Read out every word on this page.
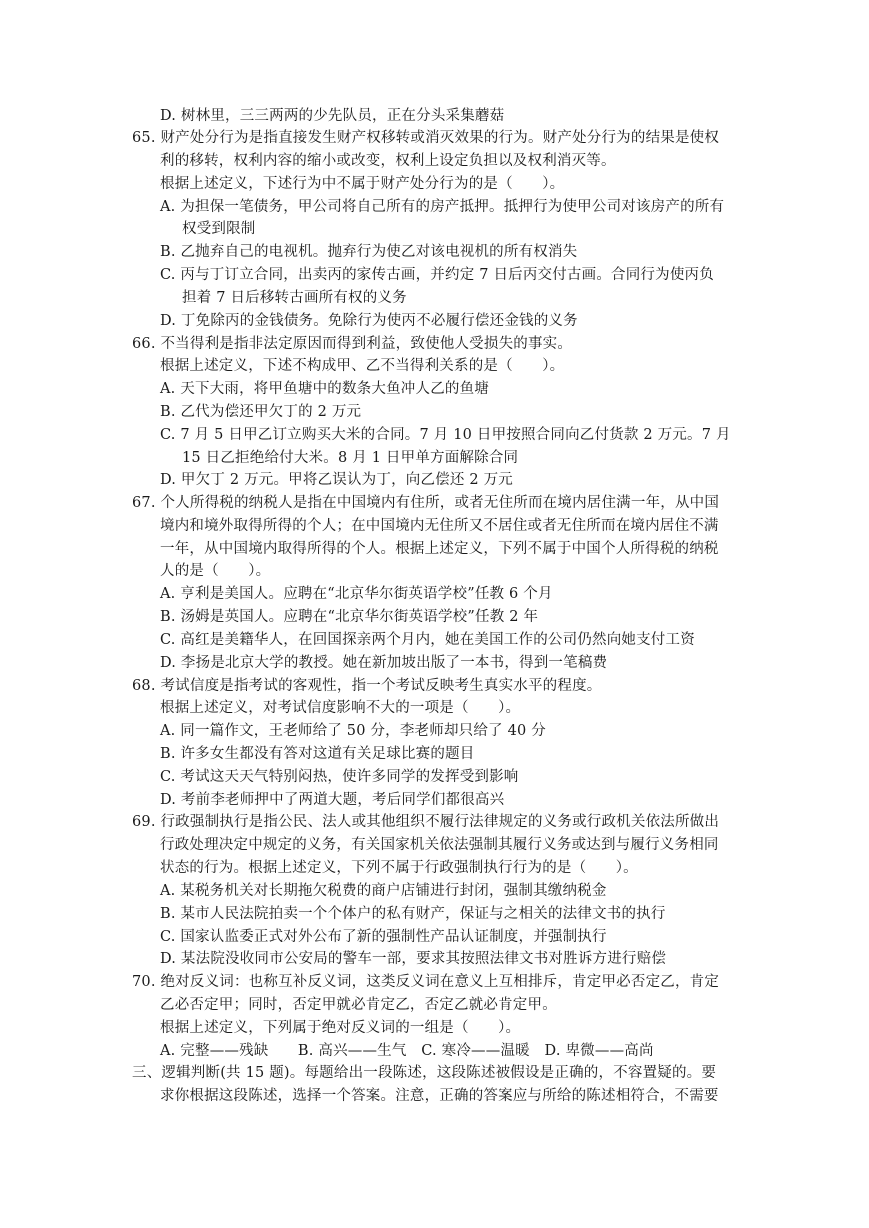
D. 树林里，三三两两的少先队员，正在分头采集蘑菇
65. 财产处分行为是指直接发生财产权移转或消灭效果的行为。财产处分行为的结果是使权
利的移转，权利内容的缩小或改变，权利上设定负担以及权利消灭等。
根据上述定义，下述行为中不属于财产处分行为的是（　　）。
A. 为担保一笔债务，甲公司将自己所有的房产抵押。抵押行为使甲公司对该房产的所有
权受到限制
B. 乙抛弃自己的电视机。抛弃行为使乙对该电视机的所有权消失
C. 丙与丁订立合同，出卖丙的家传古画，并约定 7 日后丙交付古画。合同行为使丙负
担着 7 日后移转古画所有权的义务
D. 丁免除丙的金钱债务。免除行为使丙不必履行偿还金钱的义务
66. 不当得利是指非法定原因而得到利益，致使他人受损失的事实。
根据上述定义，下述不构成甲、乙不当得利关系的是（　　）。
A. 天下大雨，将甲鱼塘中的数条大鱼冲人乙的鱼塘
B. 乙代为偿还甲欠丁的 2 万元
C. 7 月 5 日甲乙订立购买大米的合同。7 月 10 日甲按照合同向乙付货款 2 万元。7 月
15 日乙拒绝给付大米。8 月 1 日甲单方面解除合同
D. 甲欠丁 2 万元。甲将乙误认为丁，向乙偿还 2 万元
67. 个人所得税的纳税人是指在中国境内有住所，或者无住所而在境内居住满一年，从中国
境内和境外取得所得的个人；在中国境内无住所又不居住或者无住所而在境内居住不满
一年，从中国境内取得所得的个人。根据上述定义，下列不属于中国个人所得税的纳税
人的是（　　）。
A. 亨利是美国人。应聘在“北京华尔街英语学校”任教 6 个月
B. 汤姆是英国人。应聘在“北京华尔街英语学校”任教 2 年
C. 高红是美籍华人，在回国探亲两个月内，她在美国工作的公司仍然向她支付工资
D. 李扬是北京大学的教授。她在新加坡出版了一本书，得到一笔稿费
68. 考试信度是指考试的客观性，指一个考试反映考生真实水平的程度。
根据上述定义，对考试信度影响不大的一项是（　　）。
A. 同一篇作文，王老师给了 50 分，李老师却只给了 40 分
B. 许多女生都没有答对这道有关足球比赛的题目
C. 考试这天天气特别闷热，使许多同学的发挥受到影响
D. 考前李老师押中了两道大题，考后同学们都很高兴
69. 行政强制执行是指公民、法人或其他组织不履行法律规定的义务或行政机关依法所做出
行政处理决定中规定的义务，有关国家机关依法强制其履行义务或达到与履行义务相同
状态的行为。根据上述定义，下列不属于行政强制执行行为的是（　　）。
A. 某税务机关对长期拖欠税费的商户店铺进行封闭，强制其缴纳税金
B. 某市人民法院拍卖一个个体户的私有财产，保证与之相关的法律文书的执行
C. 国家认监委正式对外公布了新的强制性产品认证制度，并强制执行
D. 某法院没收同市公安局的警车一部，要求其按照法律文书对胜诉方进行赔偿
70. 绝对反义词：也称互补反义词，这类反义词在意义上互相排斥，肯定甲必否定乙，肯定
乙必否定甲；同时，否定甲就必肯定乙，否定乙就必肯定甲。
根据上述定义，下列属于绝对反义词的一组是（　　）。
A. 完整——残缺　　B. 高兴——生气　C. 寒冷——温暖　D. 卑微——高尚
三、逻辑判断(共 15 题)。每题给出一段陈述，这段陈述被假设是正确的，不容置疑的。要
求你根据这段陈述，选择一个答案。注意，正确的答案应与所给的陈述相符合，不需要
